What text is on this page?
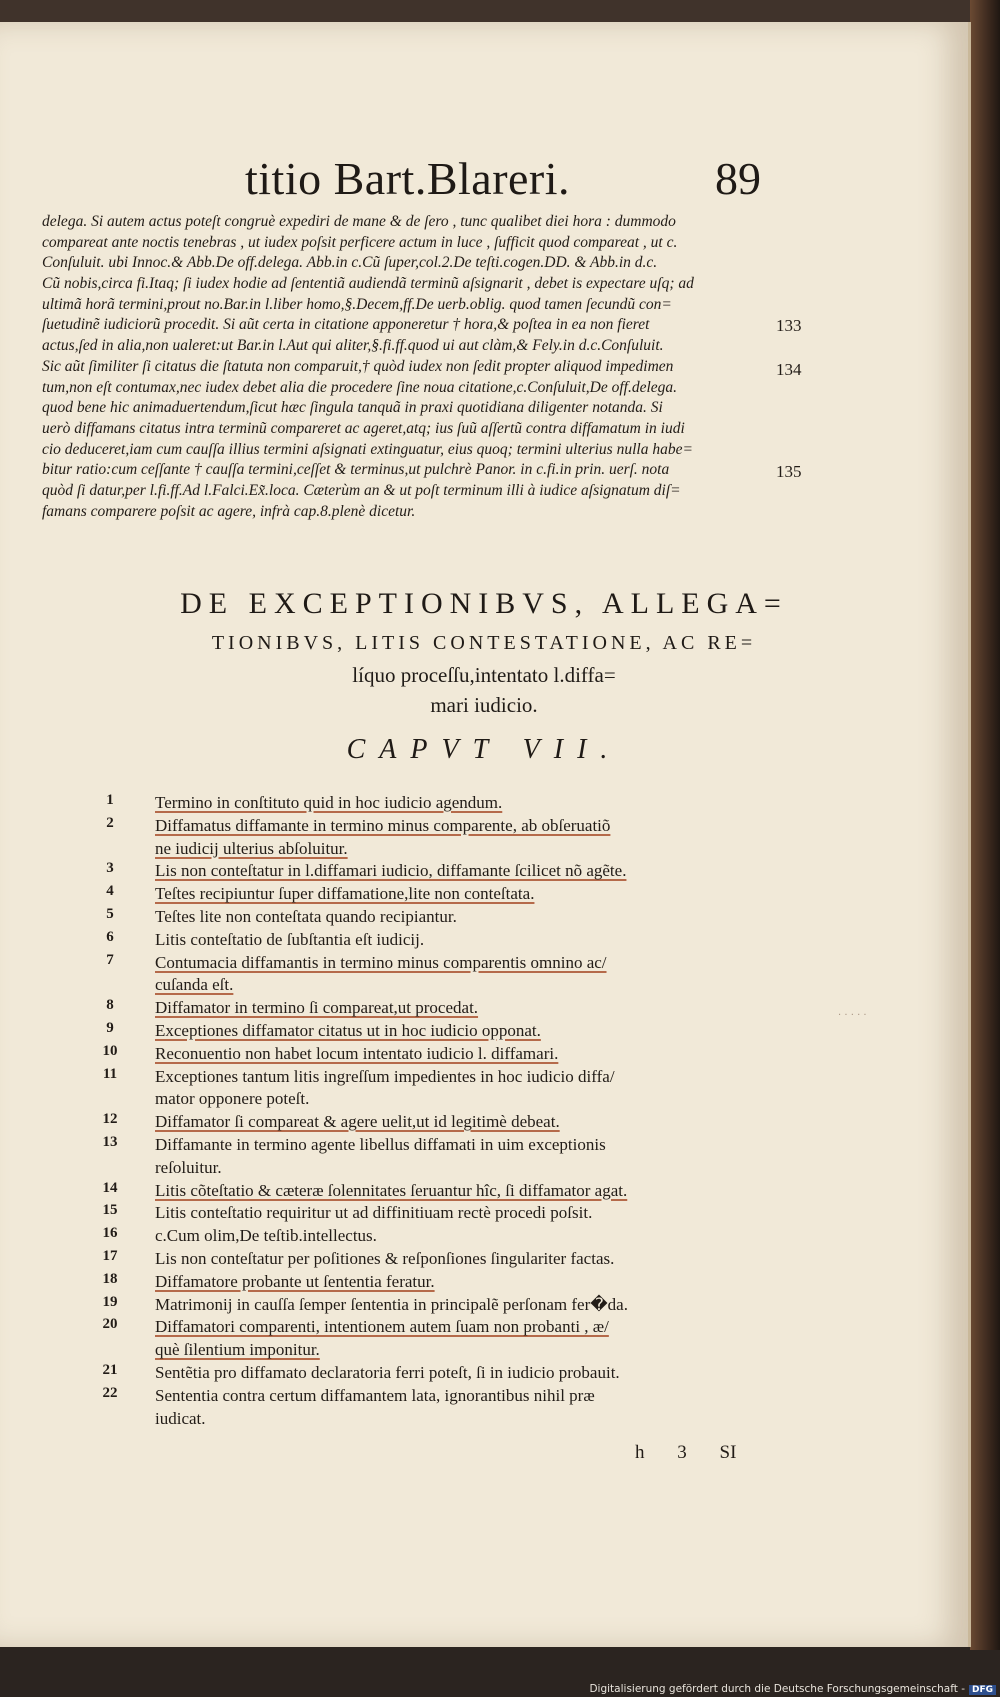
titio Bart.Blareri.	89
delega. Si autem actus poteſt congruè expediri de mane & de ſero , tunc qualibet diei hora : dummodo
compareat ante noctis tenebras , ut iudex poſsit perficere actum in luce , ſufficit quod compareat , ut c.
Conſuluit. ubi Innoc.& Abb.De off.delega. Abb.in c.Cũ ſuper,col.2.De teſti.cogen.DD. & Abb.in d.c.
Cũ nobis,circa fi.Itaq; ſi iudex hodie ad ſententiã audiendã terminũ aſsignarit , debet is expectare uſq; ad
ultimã horã termini,prout no.Bar.in l.liber homo,§.Decem,ff.De uerb.oblig. quod tamen ſecundũ con=
ſuetudinẽ iudiciorũ procedit. Si aũt certa in citatione apponeretur † hora,& poſtea in ea non fieret
actus,ſed in alia,non ualeret:ut Bar.in l.Aut qui aliter,§.fi.ff.quod ui aut clàm,& Fely.in d.c.Conſuluit.
Sic aũt ſimiliter ſi citatus die ſtatuta non comparuit,† quòd iudex non ſedit propter aliquod impedimen
tum,non eſt contumax,nec iudex debet alia die procedere ſine noua citatione,c.Conſuluit,De off.delega.
quod bene hic animaduertendum,ſicut hæc ſingula tanquã in praxi quotidiana diligenter notanda. Si
uerò diffamans citatus intra terminũ compareret ac ageret,atq; ius ſuũ aſſertũ contra diffamatum in iudi
cio deduceret,iam cum cauſſa illius termini aſsignati extinguatur, eius quoq; termini ulterius nulla habe=
bitur ratio:cum ceſſante † cauſſa termini,ceſſet & terminus,ut pulchrè Panor. in c.fi.in prin. uerſ. nota
quòd ſi datur,per l.fi.ff.Ad l.Falci.Ex̃.loca. Cæterùm an & ut poſt terminum illi à iudice aſsignatum diſ=
famans comparere poſsit ac agere, infrà cap.8.plenè dicetur.
133
134
135
DE EXCEPTIONIBVS, ALLEGA=
TIONIBVS, LITIS CONTESTATIONE, AC RE=
líquo proceſſu,intentato l.diffa=
mari iudicio.
CAPVT VII.
1	Termino in conſtituto quid in hoc iudicio agendum.
2	Diffamatus diffamante in termino minus comparente, ab obſeruatiõ
ne iudicij ulterius abſoluitur.
3	Lis non conteſtatur in l.diffamari iudicio, diffamante ſcilicet nõ agẽte.
4	Teſtes recipiuntur ſuper diffamatione,lite non conteſtata.
5	Teſtes lite non conteſtata quando recipiantur.
6	Litis conteſtatio de ſubſtantia eſt iudicij.
7	Contumacia diffamantis in termino minus comparentis omnino ac/
cuſanda eſt.
8	Diffamator in termino ſi compareat,ut procedat.
9	Exceptiones diffamator citatus ut in hoc iudicio opponat.
10	Reconuentio non habet locum intentato iudicio l. diffamari.
11	Exceptiones tantum litis ingreſſum impedientes in hoc iudicio diffa/
mator opponere poteſt.
12	Diffamator ſi compareat & agere uelit,ut id legitimè debeat.
13	Diffamante in termino agente libellus diffamati in uim exceptionis
reſoluitur.
14	Litis cõteſtatio & cæteræ ſolennitates ſeruantur hîc, ſi diffamator agat.
15	Litis conteſtatio requiritur ut ad diffinitiuam rectè procedi poſsit.
16	c.Cum olim,De teſtib.intellectus.
17	Lis non conteſtatur per poſitiones & reſponſiones ſingulariter factas.
18	Diffamatore probante ut ſententia feratur.
19	Matrimonij in cauſſa ſemper ſententia in principalẽ perſonam fer�da.
20	Diffamatori comparenti, intentionem autem ſuam non probanti , æ/
què ſilentium imponitur.
21	Sentẽtia pro diffamato declaratoria ferri poteſt, ſi in iudicio probauit.
22	Sententia contra certum diffamantem lata, ignorantibus nihil præ
iudicat.
h 3 SI
· · · · ·
Digitalisierung gefördert durch die Deutsche Forschungsgemeinschaft - DFG
